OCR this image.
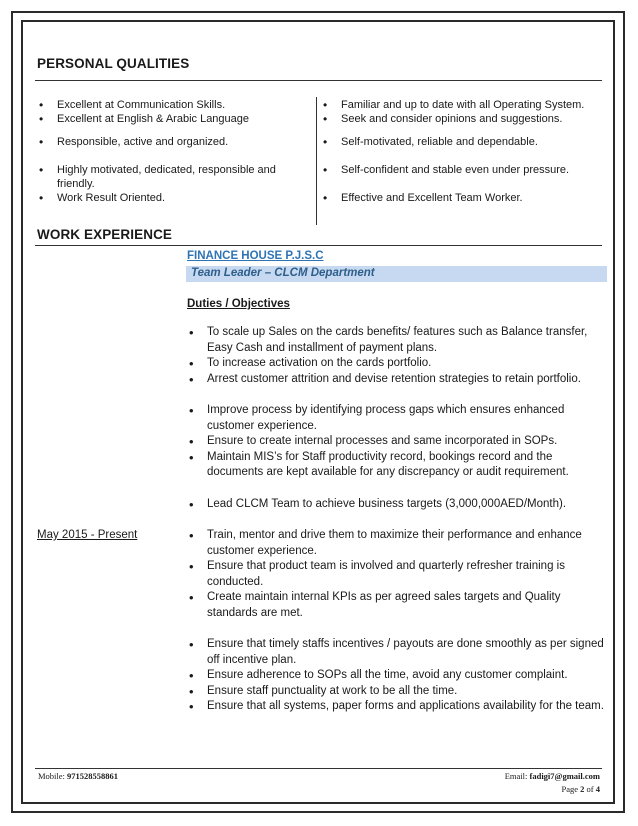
PERSONAL QUALITIES
• Excellent at Communication Skills.
• Excellent at English & Arabic Language
• Responsible, active and organized.
• Highly motivated, dedicated, responsible and friendly.
• Work Result Oriented.
• Familiar and up to date with all Operating System.
• Seek and consider opinions and suggestions.
• Self-motivated, reliable and dependable.
• Self-confident and stable even under pressure.
• Effective and Excellent Team Worker.
WORK EXPERIENCE
FINANCE HOUSE P.J.S.C
Team Leader – CLCM Department
Duties / Objectives
May 2015 - Present
• To scale up Sales on the cards benefits/ features such as Balance transfer, Easy Cash and installment of payment plans.
• To increase activation on the cards portfolio.
• Arrest customer attrition and devise retention strategies to retain portfolio.
• Improve process by identifying process gaps which ensures enhanced customer experience.
• Ensure to create internal processes and same incorporated in SOPs.
• Maintain MIS’s for Staff productivity record, bookings record and the documents are kept available for any discrepancy or audit requirement.
• Lead CLCM Team to achieve business targets (3,000,000AED/Month).
• Train, mentor and drive them to maximize their performance and enhance customer experience.
• Ensure that product team is involved and quarterly refresher training is conducted.
• Create maintain internal KPIs as per agreed sales targets and Quality standards are met.
• Ensure that timely staffs incentives / payouts are done smoothly as per signed off incentive plan.
• Ensure adherence to SOPs all the time, avoid any customer complaint.
• Ensure staff punctuality at work to be all the time.
• Ensure that all systems, paper forms and applications availability for the team.
Mobile: 971528558861	Email: fadigi7@gmail.com
Page 2 of 4
